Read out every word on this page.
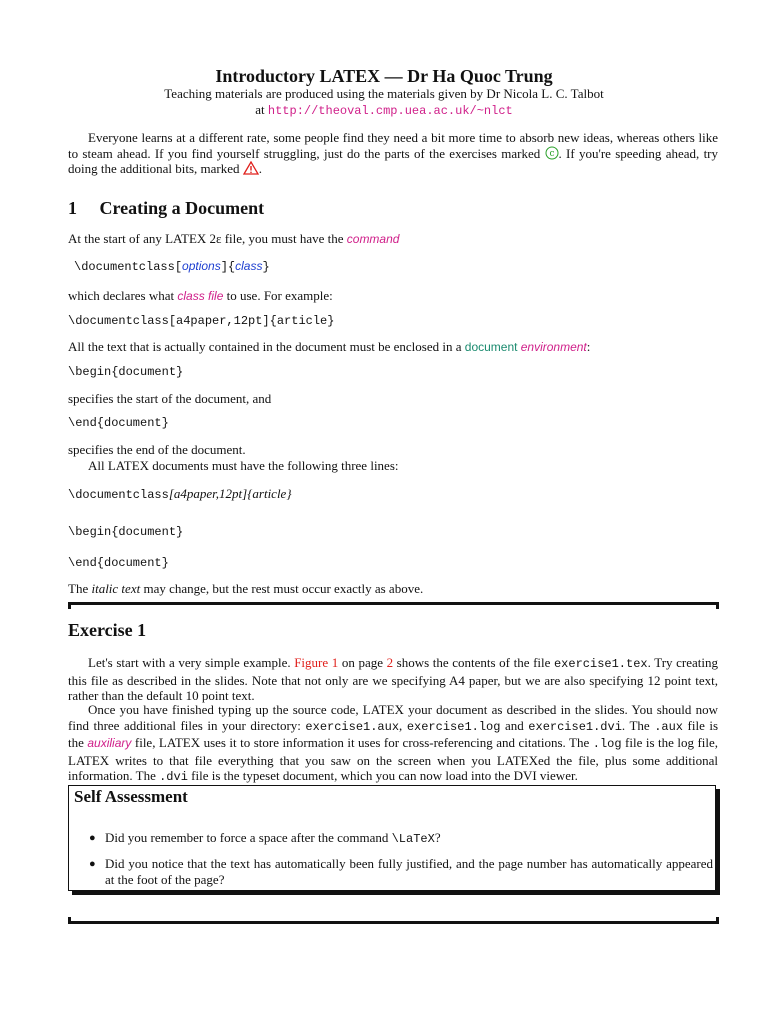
Introductory LATEX — Dr Ha Quoc Trung
Teaching materials are produced using the materials given by Dr Nicola L. C. Talbot
at http://theoval.cmp.uea.ac.uk/~nlct
Everyone learns at a different rate, some people find they need a bit more time to absorb new ideas, whereas others like to steam ahead. If you find yourself struggling, just do the parts of the exercises marked c . If you're speeding ahead, try doing the additional bits, marked .
1 Creating a Document
At the start of any LATEX 2ε file, you must have the command
\documentclass[options]{class}
which declares what class file to use. For example:
\documentclass[a4paper,12pt]{article}
All the text that is actually contained in the document must be enclosed in a document environment:
\begin{document}
specifies the start of the document, and
\end{document}
specifies the end of the document.
All LATEX documents must have the following three lines:
\documentclass[a4paper,12pt]{article}
\begin{document}
\end{document}
The italic text may change, but the rest must occur exactly as above.
Exercise 1
Let's start with a very simple example. Figure 1 on page 2 shows the contents of the file exercise1.tex. Try creating this file as described in the slides. Note that not only are we specifying A4 paper, but we are also specifying 12 point text, rather than the default 10 point text.
Once you have finished typing up the source code, LATEX your document as described in the slides. You should now find three additional files in your directory: exercise1.aux, exercise1.log and exercise1.dvi. The .aux file is the auxiliary file, LATEX uses it to store information it uses for cross-referencing and citations. The .log file is the log file, LATEX writes to that file everything that you saw on the screen when you LATEXed the file, plus some additional information. The .dvi file is the typeset document, which you can now load into the DVI viewer.
Self Assessment
● Did you remember to force a space after the command \LaTeX?
● Did you notice that the text has automatically been fully justified, and the page number has automatically appeared at the foot of the page?
